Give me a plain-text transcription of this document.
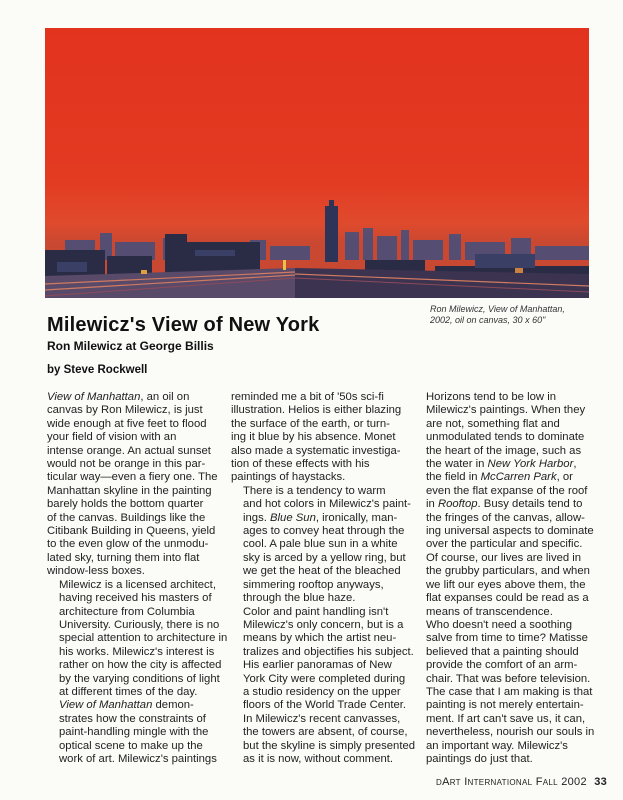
Ron Milewicz, View of Manhattan,
2002, oil on canvas, 30 x 60"
Milewicz's View of New York
Ron Milewicz at George Billis
by Steve Rockwell

View of Manhattan, an oil on
canvas by Ron Milewicz, is just
wide enough at five feet to flood
your field of vision with an
intense orange. An actual sunset
would not be orange in this par-
ticular way—even a fiery one. The
Manhattan skyline in the painting
barely holds the bottom quarter
of the canvas. Buildings like the
Citibank Building in Queens, yield
to the even glow of the unmodu-
lated sky, turning them into flat
window-less boxes.

Milewicz is a licensed architect,
having received his masters of
architecture from Columbia
University. Curiously, there is no
special attention to architecture in
his works. Milewicz's interest is
rather on how the city is affected
by the varying conditions of light
at different times of the day.

View of Manhattan demon-
strates how the constraints of
paint-handling mingle with the
optical scene to make up the
work of art. Milewicz's paintings

reminded me a bit of '50s sci-fi
illustration. Helios is either blazing
the surface of the earth, or turn-
ing it blue by his absence. Monet
also made a systematic investiga-
tion of these effects with his
paintings of haystacks.

There is a tendency to warm
and hot colors in Milewicz's paint-
ings. Blue Sun, ironically, man-
ages to convey heat through the
cool. A pale blue sun in a white
sky is arced by a yellow ring, but
we get the heat of the bleached
simmering rooftop anyways,
through the blue haze.

Color and paint handling isn't
Milewicz's only concern, but is a
means by which the artist neu-
tralizes and objectifies his subject.
His earlier panoramas of New
York City were completed during
a studio residency on the upper
floors of the World Trade Center.
In Milewicz's recent canvasses,
the towers are absent, of course,
but the skyline is simply presented
as it is now, without comment.

Horizons tend to be low in
Milewicz's paintings. When they
are not, something flat and
unmodulated tends to dominate
the heart of the image, such as
the water in New York Harbor,
the field in McCarren Park, or
even the flat expanse of the roof
in Rooftop. Busy details tend to
the fringes of the canvas, allow-
ing universal aspects to dominate
over the particular and specific.
Of course, our lives are lived in
the grubby particulars, and when
we lift our eyes above them, the
flat expanses could be read as a
means of transcendence.

Who doesn't need a soothing
salve from time to time? Matisse
believed that a painting should
provide the comfort of an arm-
chair. That was before television.
The case that I am making is that
painting is not merely entertain-
ment. If art can't save us, it can,
nevertheless, nourish our souls in
an important way. Milewicz's
paintings do just that.

dArt International Fall 2002 33
